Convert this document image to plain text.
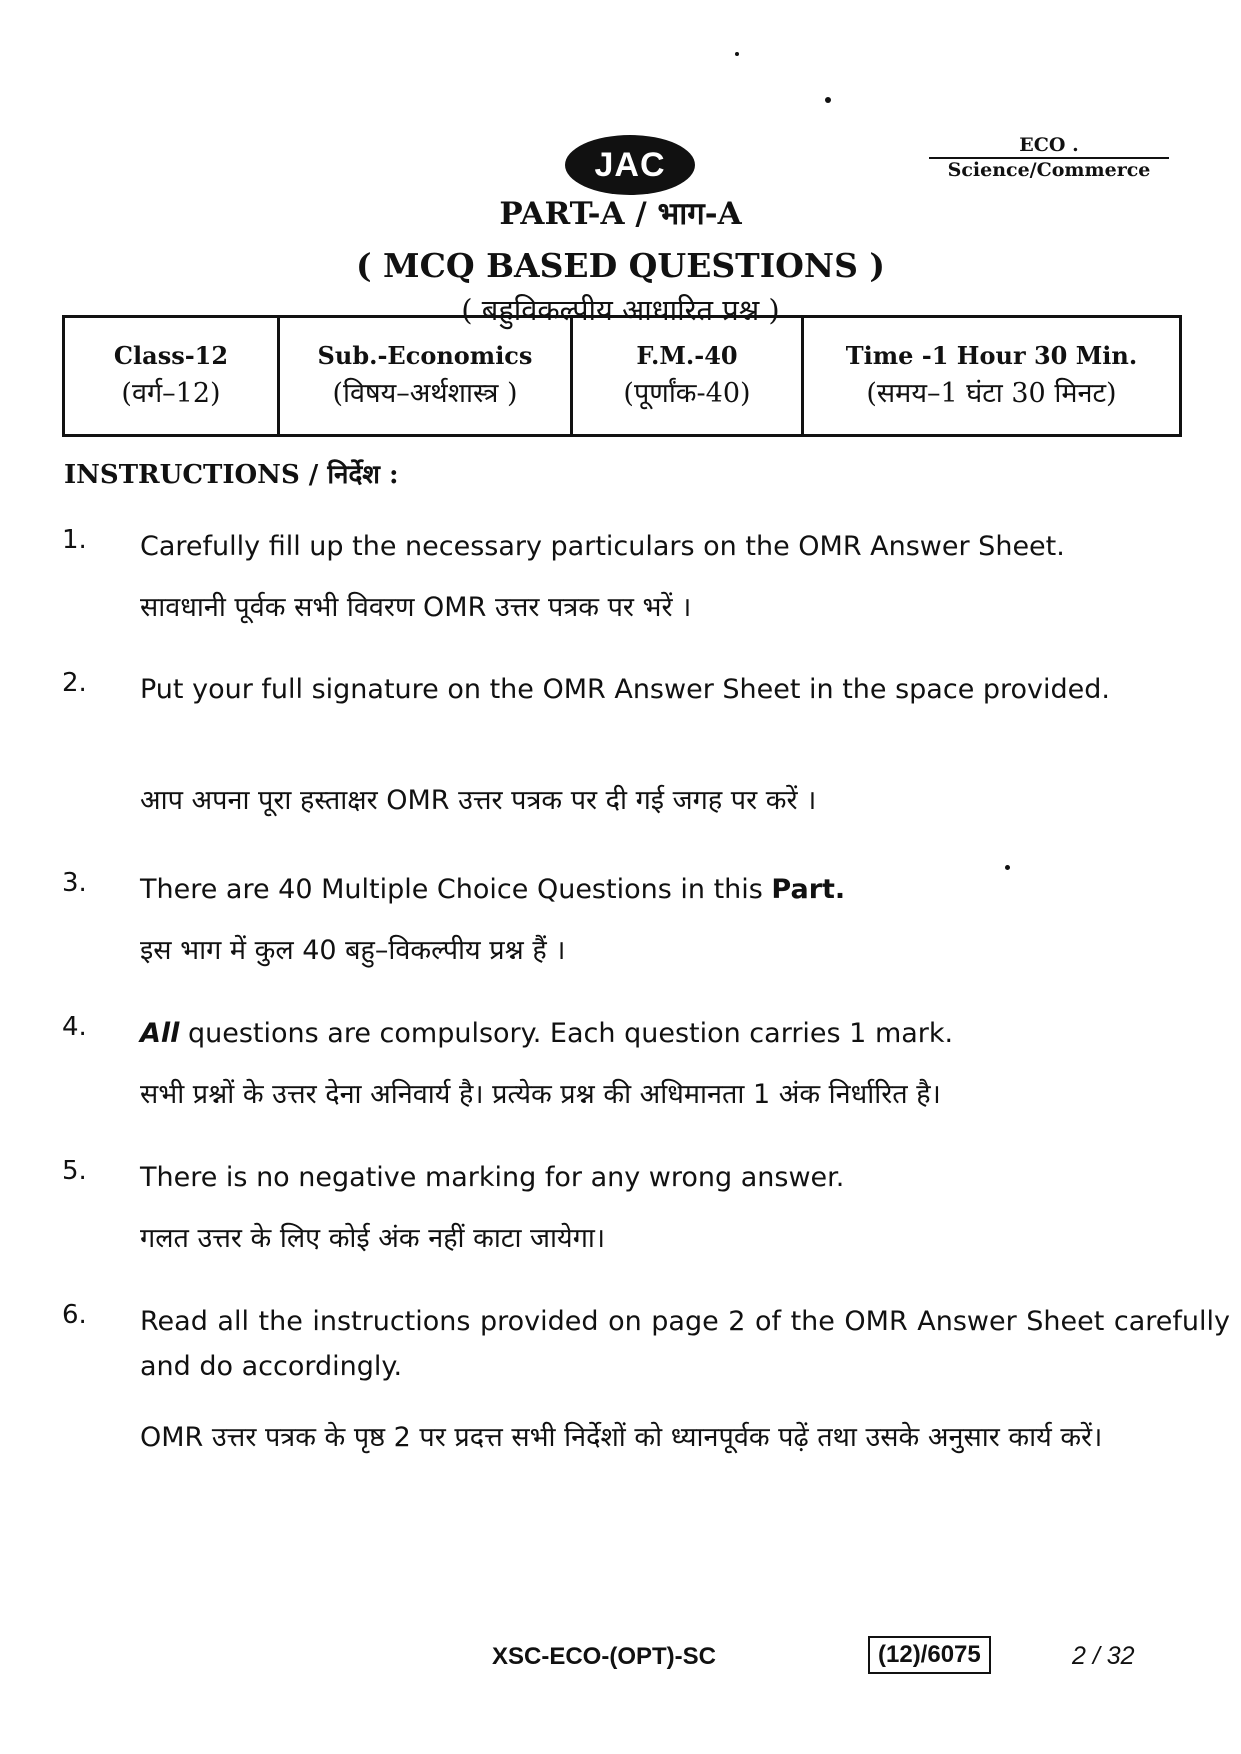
JAC
ECO .
Science/Commerce
PART-A / भाग-A
( MCQ BASED QUESTIONS )
( बहुविकल्पीय आधारित प्रश्न )
Class-12
(वर्ग–12)
Sub.-Economics
(विषय–अर्थशास्त्र )
F.M.-40
(पूर्णांक-40)
Time -1 Hour 30 Min.
(समय–1 घंटा 30 मिनट)
INSTRUCTIONS / निर्देश :
1. Carefully fill up the necessary particulars on the OMR Answer Sheet.
सावधानी पूर्वक सभी विवरण OMR उत्तर पत्रक पर भरें ।
2. Put your full signature on the OMR Answer Sheet in the space provided.
आप अपना पूरा हस्ताक्षर OMR उत्तर पत्रक पर दी गई जगह पर करें ।
3. There are 40 Multiple Choice Questions in this Part.
इस भाग में कुल 40 बहु–विकल्पीय प्रश्न हैं ।
4. All questions are compulsory. Each question carries 1 mark.
सभी प्रश्नों के उत्तर देना अनिवार्य है। प्रत्येक प्रश्न की अधिमानता 1 अंक निर्धारित है।
5. There is no negative marking for any wrong answer.
गलत उत्तर के लिए कोई अंक नहीं काटा जायेगा।
6. Read all the instructions provided on page 2 of the OMR Answer Sheet carefully and do accordingly.
OMR उत्तर पत्रक के पृष्ठ 2 पर प्रदत्त सभी निर्देशों को ध्यानपूर्वक पढ़ें तथा उसके अनुसार कार्य करें।
XSC-ECO-(OPT)-SC	(12)/6075	2 / 32
